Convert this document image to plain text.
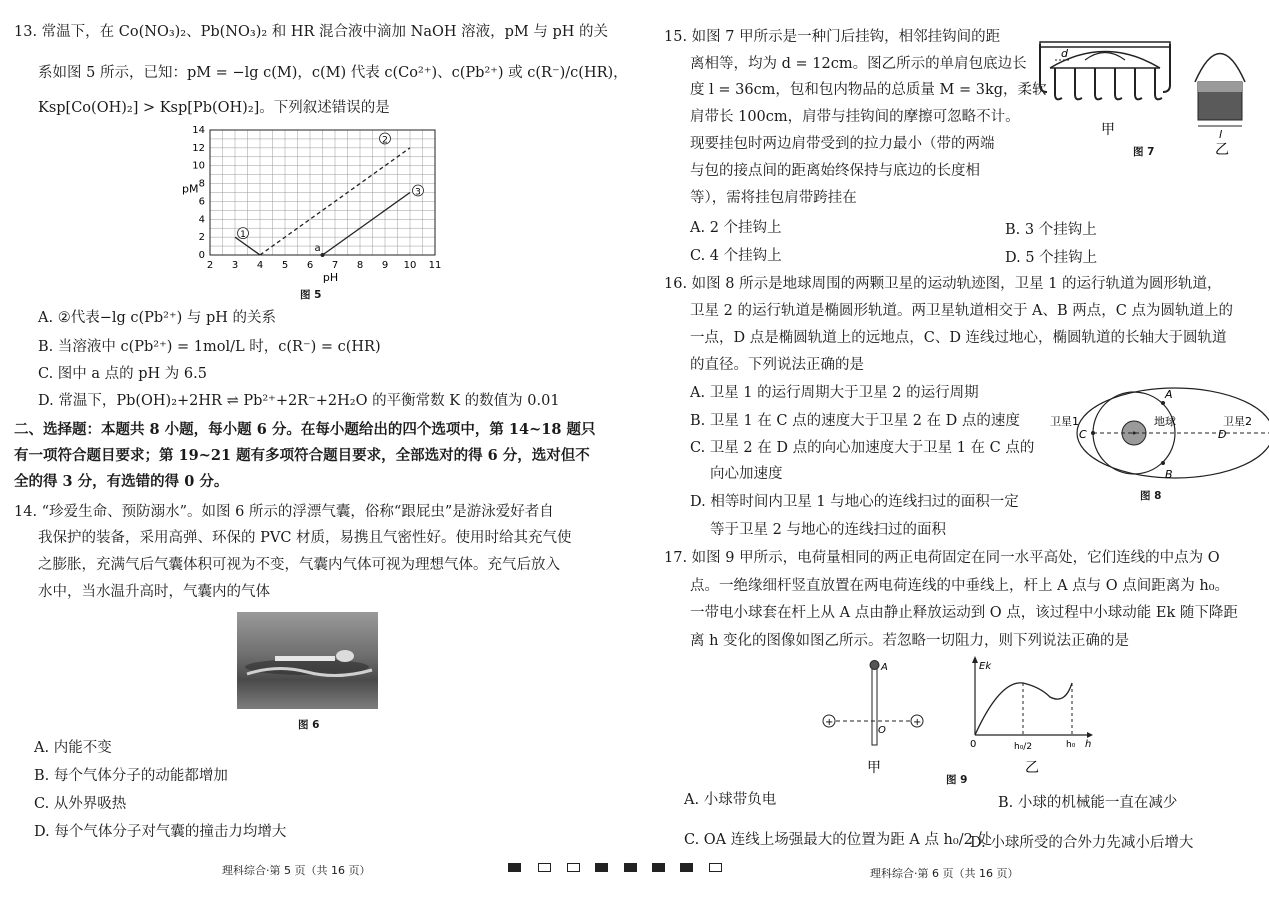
13. 常温下，在 Co(NO₃)₂、Pb(NO₃)₂ 和 HR 混合液中滴加 NaOH 溶液，pM 与 pH 的关
系如图 5 所示，已知：pM = −lg c(M)，c(M) 代表 c(Co²⁺)、c(Pb²⁺) 或 c(R⁻)/c(HR)，
Ksp[Co(OH)₂] > Ksp[Pb(OH)₂]。下列叙述错误的是
2 3 4 5 6 7 8 9 10 11
0
2
4
6
8
10
12
14
pH
pM
1
2
3
a
图 5
A. ②代表−lg c(Pb²⁺) 与 pH 的关系
B. 当溶液中 c(Pb²⁺) = 1mol/L 时，c(R⁻) = c(HR)
C. 图中 a 点的 pH 为 6.5
D. 常温下，Pb(OH)₂+2HR ⇌ Pb²⁺+2R⁻+2H₂O 的平衡常数 K 的数值为 0.01
二、选择题：本题共 8 小题，每小题 6 分。在每小题给出的四个选项中，第 14~18 题只
有一项符合题目要求；第 19~21 题有多项符合题目要求，全部选对的得 6 分，选对但不
全的得 3 分，有选错的得 0 分。
14. “珍爱生命、预防溺水”。如图 6 所示的浮漂气囊，俗称“跟屁虫”是游泳爱好者自
我保护的装备，采用高弹、环保的 PVC 材质，易携且气密性好。使用时给其充气使
之膨胀，充满气后气囊体积可视为不变，气囊内气体可视为理想气体。充气后放入
水中，当水温升高时，气囊内的气体
图 6
A. 内能不变
B. 每个气体分子的动能都增加
C. 从外界吸热
D. 每个气体分子对气囊的撞击力均增大
理科综合·第 5 页（共 16 页）
15. 如图 7 甲所示是一种门后挂钩，相邻挂钩间的距
离相等，均为 d = 12cm。图乙所示的单肩包底边长
度 l = 36cm，包和包内物品的总质量 M = 3kg，柔软
肩带长 100cm，肩带与挂钩间的摩擦可忽略不计。
现要挂包时两边肩带受到的拉力最小（带的两端
与包的接点间的距离始终保持与底边的长度相
等），需将挂包肩带跨挂在
d
l
甲
乙
图 7
A. 2 个挂钩上	B. 3 个挂钩上
C. 4 个挂钩上	D. 5 个挂钩上
16. 如图 8 所示是地球周围的两颗卫星的运动轨迹图，卫星 1 的运行轨道为圆形轨道，
卫星 2 的运行轨道是椭圆形轨道。两卫星轨道相交于 A、B 两点，C 点为圆轨道上的
一点，D 点是椭圆轨道上的远地点，C、D 连线过地心，椭圆轨道的长轴大于圆轨道
的直径。下列说法正确的是
A. 卫星 1 的运行周期大于卫星 2 的运行周期
B. 卫星 1 在 C 点的速度大于卫星 2 在 D 点的速度
C. 卫星 2 在 D 点的向心加速度大于卫星 1 在 C 点的
向心加速度
D. 相等时间内卫星 1 与地心的连线扫过的面积一定
等于卫星 2 与地心的连线扫过的面积
卫星1	卫星2
地球
A
B
C	D
图 8
17. 如图 9 甲所示，电荷量相同的两正电荷固定在同一水平高处，它们连线的中点为 O
点。一绝缘细杆竖直放置在两电荷连线的中垂线上，杆上 A 点与 O 点间距离为 h₀。
一带电小球套在杆上从 A 点由静止释放运动到 O 点，该过程中小球动能 Ek 随下降距
离 h 变化的图像如图乙所示。若忽略一切阻力，则下列说法正确的是
+	+
A
O
甲
Ek
0	h₀/2	h₀ h
乙
图 9
A. 小球带负电	B. 小球的机械能一直在减少
C. OA 连线上场强最大的位置为距 A 点 h₀/2 处
D. 小球所受的合外力先减小后增大
理科综合·第 6 页（共 16 页）
